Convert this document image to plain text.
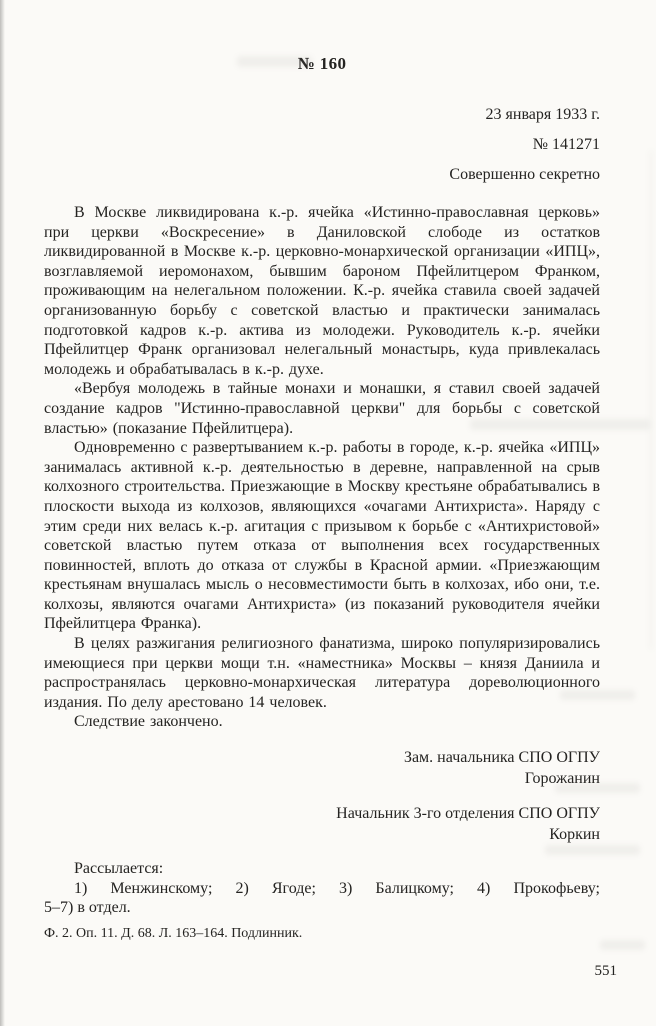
№ 160
23 января 1933 г.
№ 141271
Совершенно секретно

В Москве ликвидирована к.-р. ячейка «Истинно-православная церковь» при церкви «Воскресение» в Даниловской слободе из остатков ликвидированной в Москве к.-р. церковно-монархической организации «ИПЦ», возглавляемой иеромонахом, бывшим бароном Пфейлитцером Франком, проживающим на нелегальном положении. К.-р. ячейка ставила своей задачей организованную борьбу с советской властью и практически занималась подготовкой кадров к.-р. актива из молодежи. Руководитель к.-р. ячейки Пфейлитцер Франк организовал нелегальный монастырь, куда привлекалась молодежь и обрабатывалась в к.-р. духе.

«Вербуя молодежь в тайные монахи и монашки, я ставил своей задачей создание кадров "Истинно-православной церкви" для борьбы с советской властью» (показание Пфейлитцера).

Одновременно с развертыванием к.-р. работы в городе, к.-р. ячейка «ИПЦ» занималась активной к.-р. деятельностью в деревне, направленной на срыв колхозного строительства. Приезжающие в Москву крестьяне обрабатывались в плоскости выхода из колхозов, являющихся «очагами Антихриста». Наряду с этим среди них велась к.-р. агитация с призывом к борьбе с «Антихристовой» советской властью путем отказа от выполнения всех государственных повинностей, вплоть до отказа от службы в Красной армии. «Приезжающим крестьянам внушалась мысль о несовместимости быть в колхозах, ибо они, т.е. колхозы, являются очагами Антихриста» (из показаний руководителя ячейки Пфейлитцера Франка).

В целях разжигания религиозного фанатизма, широко популяризировались имеющиеся при церкви мощи т.н. «наместника» Москвы – князя Даниила и распространялась церковно-монархическая литература дореволюционного издания. По делу арестовано 14 человек.

Следствие закончено.

Зам. начальника СПО ОГПУ
Горожанин
Начальник 3-го отделения СПО ОГПУ
Коркин
Рассылается:
1) Менжинскому; 2) Ягоде; 3) Балицкому; 4) Прокофьеву;
5–7) в отдел.
Ф. 2. Оп. 11. Д. 68. Л. 163–164. Подлинник.
551
